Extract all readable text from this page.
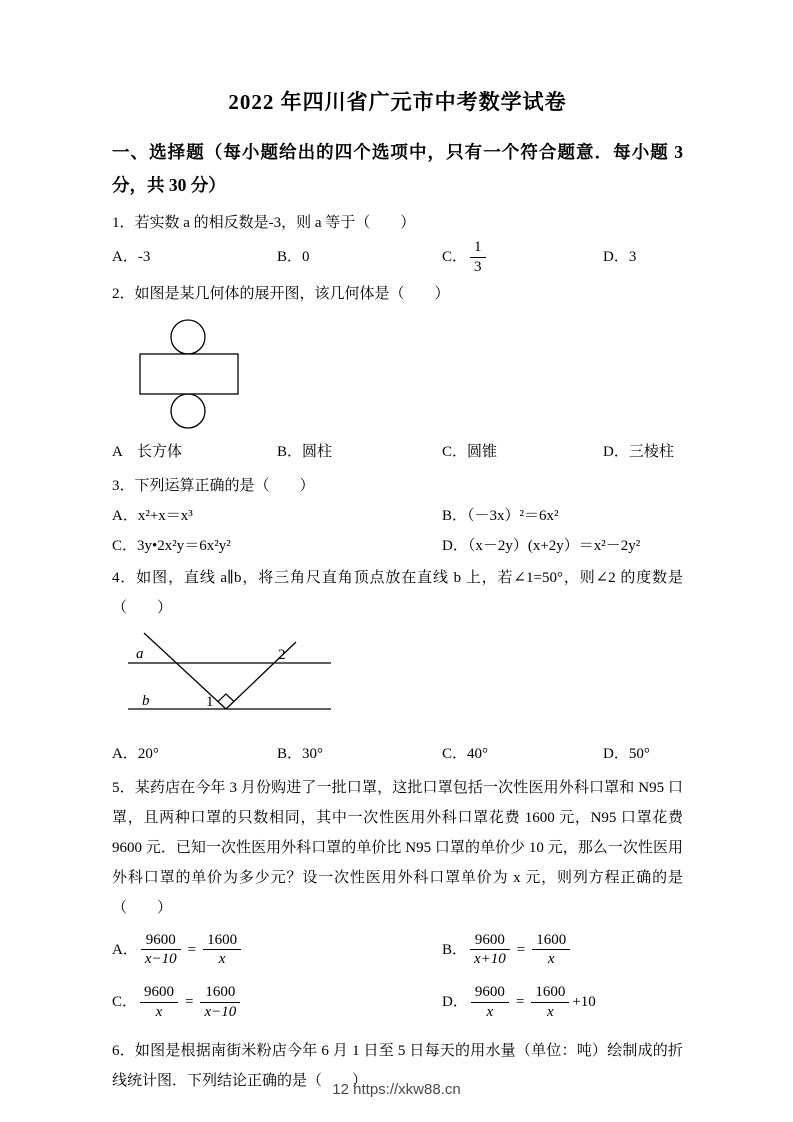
2022 年四川省广元市中考数学试卷
一、选择题（每小题给出的四个选项中，只有一个符合题意．每小题 3 分，共 30 分）

1．若实数 a 的相反数是-3，则 a 等于（　　）

A．-3	B．0	C． $\frac{1}{3}$	D．3

2．如图是某几何体的展开图，该几何体是（　　）

A　长方体	B．圆柱	C．圆锥	D．三棱柱

3．下列运算正确的是（　　）

A．x²+x＝x³	B．（－3x）²＝6x²
C．3y•2x²y＝6x²y²	D．（x－2y）(x+2y）＝x²－2y²

4．如图，直线 a∥b，将三角尺直角顶点放在直线 b 上，若∠1=50°，则∠2 的度数是（　　）

a
b	1
2
A．20°	B．30°	C．40°	D．50°

5．某药店在今年 3 月份购进了一批口罩，这批口罩包括一次性医用外科口罩和 N95 口罩，且两种口罩的只数相同，其中一次性医用外科口罩花费 1600 元，N95 口罩花费 9600 元．已知一次性医用外科口罩的单价比 N95 口罩的单价少 10 元，那么一次性医用外科口罩的单价为多少元？设一次性医用外科口罩单价为 x 元，则列方程正确的是（　　）

A． $\frac{9600}{x-10} = \frac{1600}{x}$	B． $\frac{9600}{x+10} = \frac{1600}{x}$
C． $\frac{9600}{x} = \frac{1600}{x-10}$	D． $\frac{9600}{x} = \frac{1600}{x} +10$

6．如图是根据南街米粉店今年 6 月 1 日至 5 日每天的用水量（单位：吨）绘制成的折线统计图．下列结论正确的是（　　）

12 https://xkw88.cn
